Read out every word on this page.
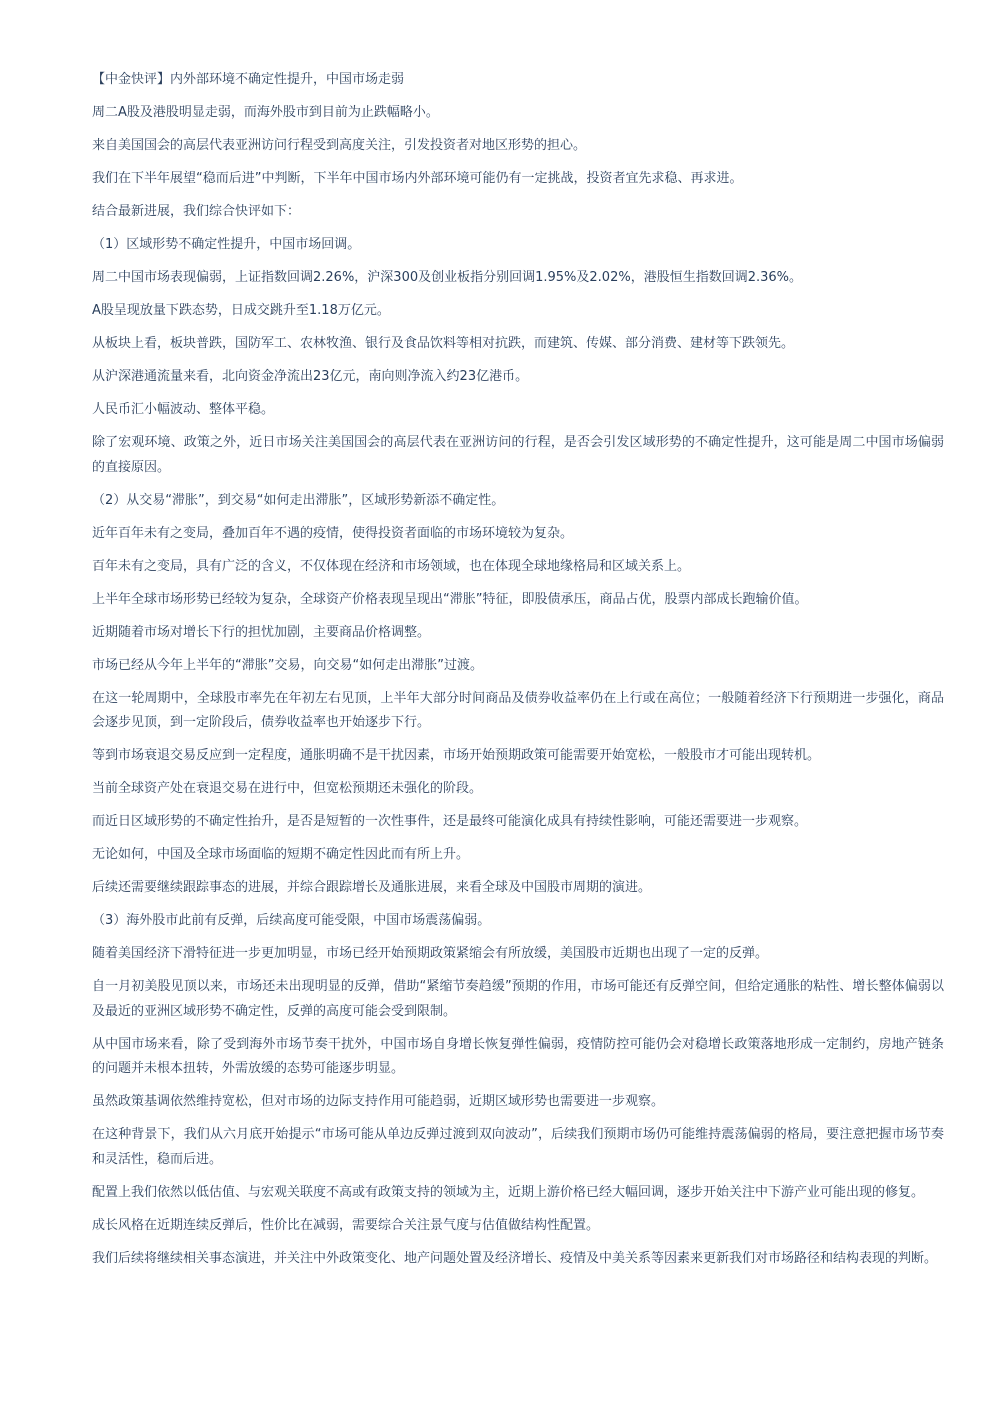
【中金快评】内外部环境不确定性提升，中国市场走弱

周二A股及港股明显走弱，而海外股市到目前为止跌幅略小。

来自美国国会的高层代表亚洲访问行程受到高度关注，引发投资者对地区形势的担心。

我们在下半年展望“稳而后进”中判断，下半年中国市场内外部环境可能仍有一定挑战，投资者宜先求稳、再求进。

结合最新进展，我们综合快评如下：

（1）区域形势不确定性提升，中国市场回调。

周二中国市场表现偏弱，上证指数回调2.26%，沪深300及创业板指分别回调1.95%及2.02%，港股恒生指数回调2.36%。

A股呈现放量下跌态势，日成交跳升至1.18万亿元。

从板块上看，板块普跌，国防军工、农林牧渔、银行及食品饮料等相对抗跌，而建筑、传媒、部分消费、建材等下跌领先。

从沪深港通流量来看，北向资金净流出23亿元，南向则净流入约23亿港币。

人民币汇小幅波动、整体平稳。

除了宏观环境、政策之外，近日市场关注美国国会的高层代表在亚洲访问的行程，是否会引发区域形势的不确定性提升，这可能是周二中国市场偏弱的直接原因。

（2）从交易“滞胀”，到交易“如何走出滞胀”，区域形势新添不确定性。

近年百年未有之变局，叠加百年不遇的疫情，使得投资者面临的市场环境较为复杂。

百年未有之变局，具有广泛的含义，不仅体现在经济和市场领域，也在体现全球地缘格局和区域关系上。

上半年全球市场形势已经较为复杂，全球资产价格表现呈现出“滞胀”特征，即股债承压，商品占优，股票内部成长跑输价值。

近期随着市场对增长下行的担忧加剧，主要商品价格调整。

市场已经从今年上半年的“滞胀”交易，向交易“如何走出滞胀”过渡。

在这一轮周期中，全球股市率先在年初左右见顶，上半年大部分时间商品及债券收益率仍在上行或在高位；一般随着经济下行预期进一步强化，商品会逐步见顶，到一定阶段后，债券收益率也开始逐步下行。

等到市场衰退交易反应到一定程度，通胀明确不是干扰因素，市场开始预期政策可能需要开始宽松，一般股市才可能出现转机。

当前全球资产处在衰退交易在进行中，但宽松预期还未强化的阶段。

而近日区域形势的不确定性抬升，是否是短暂的一次性事件，还是最终可能演化成具有持续性影响，可能还需要进一步观察。

无论如何，中国及全球市场面临的短期不确定性因此而有所上升。

后续还需要继续跟踪事态的进展，并综合跟踪增长及通胀进展，来看全球及中国股市周期的演进。

（3）海外股市此前有反弹，后续高度可能受限，中国市场震荡偏弱。

随着美国经济下滑特征进一步更加明显，市场已经开始预期政策紧缩会有所放缓，美国股市近期也出现了一定的反弹。

自一月初美股见顶以来，市场还未出现明显的反弹，借助“紧缩节奏趋缓”预期的作用，市场可能还有反弹空间，但给定通胀的粘性、增长整体偏弱以及最近的亚洲区域形势不确定性，反弹的高度可能会受到限制。

从中国市场来看，除了受到海外市场节奏干扰外，中国市场自身增长恢复弹性偏弱，疫情防控可能仍会对稳增长政策落地形成一定制约，房地产链条的问题并未根本扭转，外需放缓的态势可能逐步明显。

虽然政策基调依然维持宽松，但对市场的边际支持作用可能趋弱，近期区域形势也需要进一步观察。

在这种背景下，我们从六月底开始提示“市场可能从单边反弹过渡到双向波动”，后续我们预期市场仍可能维持震荡偏弱的格局，要注意把握市场节奏和灵活性，稳而后进。

配置上我们依然以低估值、与宏观关联度不高或有政策支持的领域为主，近期上游价格已经大幅回调，逐步开始关注中下游产业可能出现的修复。

成长风格在近期连续反弹后，性价比在减弱，需要综合关注景气度与估值做结构性配置。

我们后续将继续相关事态演进，并关注中外政策变化、地产问题处置及经济增长、疫情及中美关系等因素来更新我们对市场路径和结构表现的判断。
